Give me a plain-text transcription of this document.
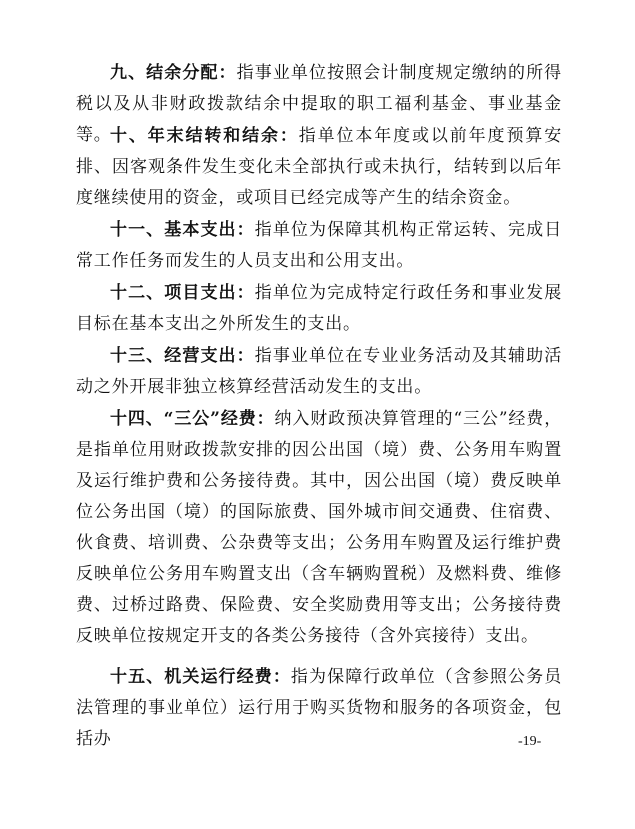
九、结余分配：指事业单位按照会计制度规定缴纳的所得税以及从非财政拨款结余中提取的职工福利基金、事业基金等。

十、年末结转和结余：指单位本年度或以前年度预算安排、因客观条件发生变化未全部执行或未执行，结转到以后年度继续使用的资金，或项目已经完成等产生的结余资金。

十一、基本支出：指单位为保障其机构正常运转、完成日常工作任务而发生的人员支出和公用支出。

十二、项目支出：指单位为完成特定行政任务和事业发展目标在基本支出之外所发生的支出。

十三、经营支出：指事业单位在专业业务活动及其辅助活动之外开展非独立核算经营活动发生的支出。

十四、“三公”经费：纳入财政预决算管理的“三公”经费，是指单位用财政拨款安排的因公出国（境）费、公务用车购置及运行维护费和公务接待费。其中，因公出国（境）费反映单位公务出国（境）的国际旅费、国外城市间交通费、住宿费、伙食费、培训费、公杂费等支出；公务用车购置及运行维护费反映单位公务用车购置支出（含车辆购置税）及燃料费、维修费、过桥过路费、保险费、安全奖励费用等支出；公务接待费反映单位按规定开支的各类公务接待（含外宾接待）支出。

十五、机关运行经费：指为保障行政单位（含参照公务员法管理的事业单位）运行用于购买货物和服务的各项资金，包括办	-19-
